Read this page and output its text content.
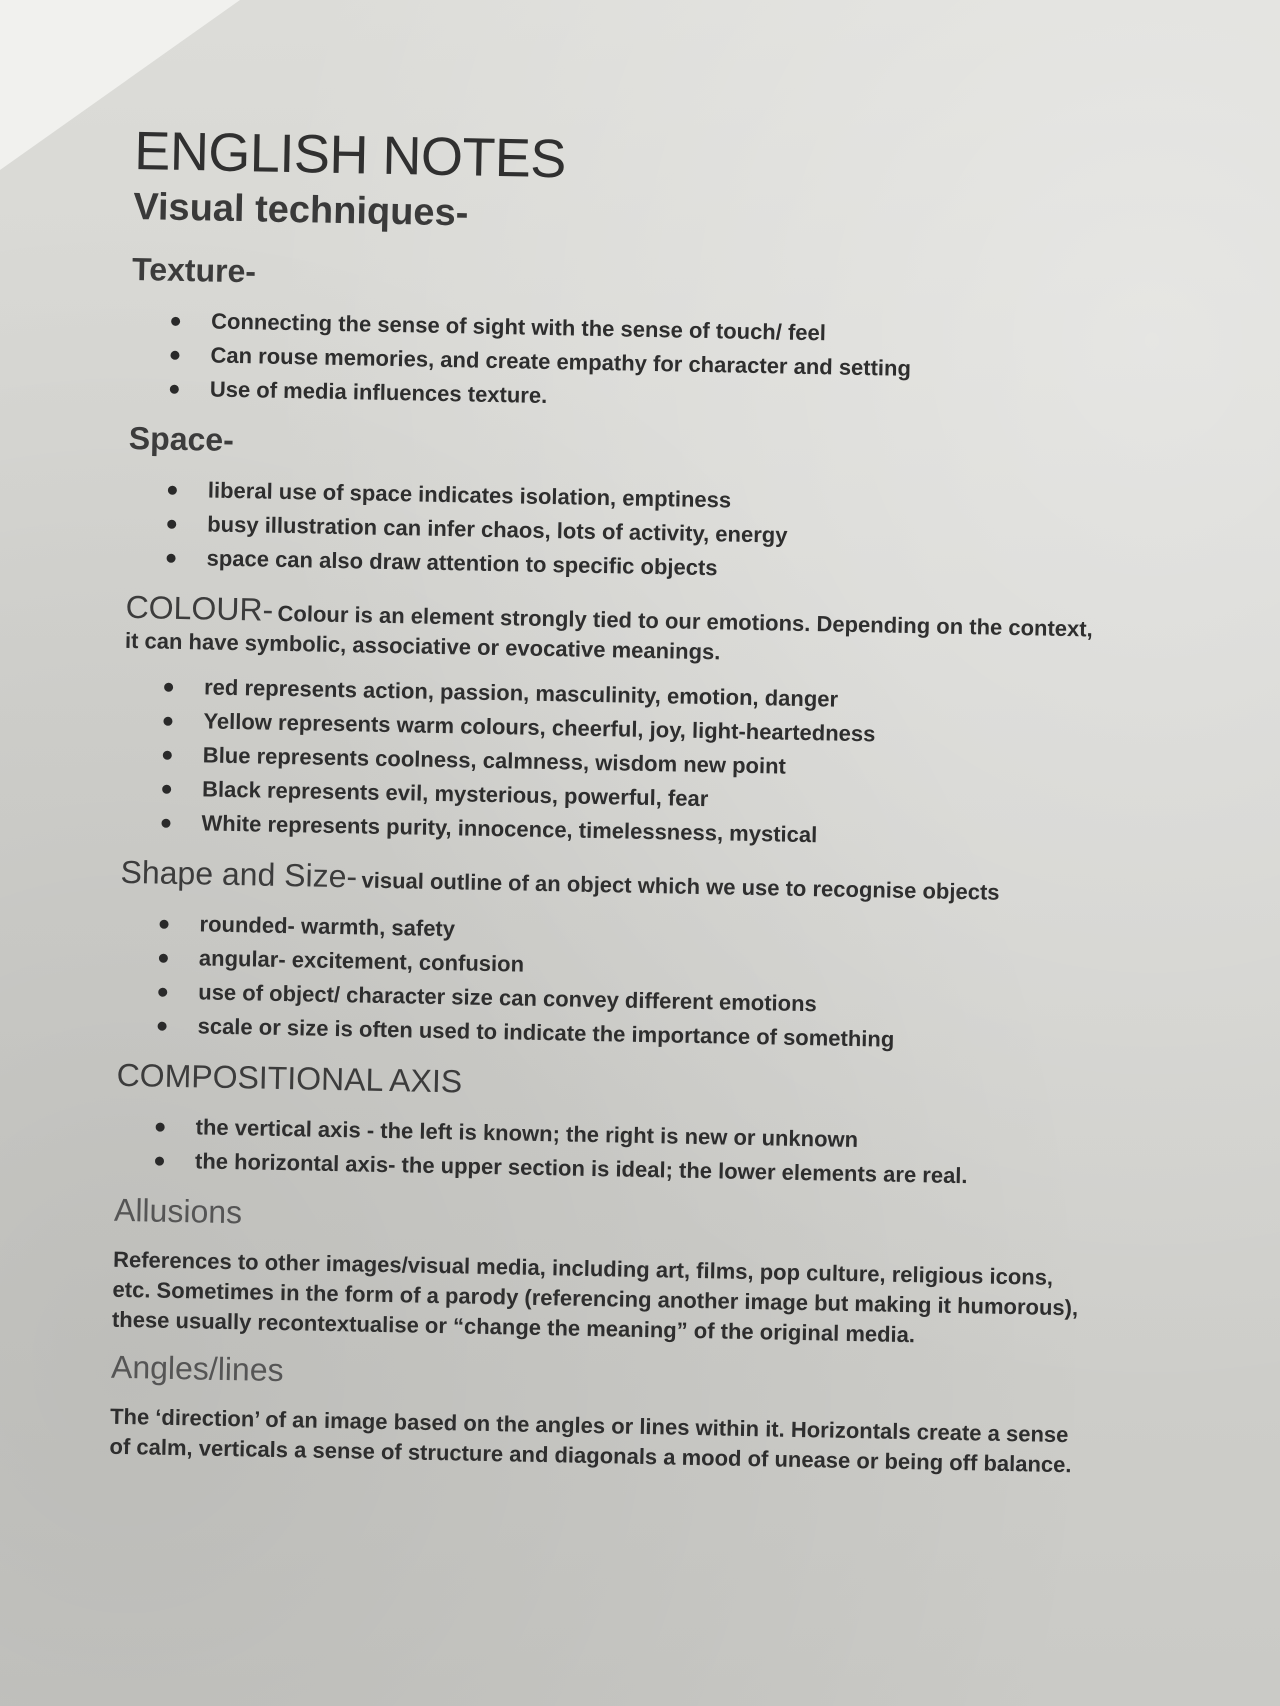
ENGLISH NOTES
Visual techniques-
Texture-
Connecting the sense of sight with the sense of touch/ feel
Can rouse memories, and create empathy for character and setting
Use of media influences texture.
Space-
liberal use of space indicates isolation, emptiness
busy illustration can infer chaos, lots of activity, energy
space can also draw attention to specific objects
COLOUR- Colour is an element strongly tied to our emotions. Depending on the context,
it can have symbolic, associative or evocative meanings.
red represents action, passion, masculinity, emotion, danger
Yellow represents warm colours, cheerful, joy, light-heartedness
Blue represents coolness, calmness, wisdom new point
Black represents evil, mysterious, powerful, fear
White represents purity, innocence, timelessness, mystical
Shape and Size- visual outline of an object which we use to recognise objects
rounded- warmth, safety
angular- excitement, confusion
use of object/ character size can convey different emotions
scale or size is often used to indicate the importance of something
COMPOSITIONAL AXIS
the vertical axis - the left is known; the right is new or unknown
the horizontal axis- the upper section is ideal; the lower elements are real.
Allusions

References to other images/visual media, including art, films, pop culture, religious icons, etc. Sometimes in the form of a parody (referencing another image but making it humorous), these usually recontextualise or “change the meaning” of the original media.

Angles/lines

The ‘direction’ of an image based on the angles or lines within it. Horizontals create a sense of calm, verticals a sense of structure and diagonals a mood of unease or being off balance.
